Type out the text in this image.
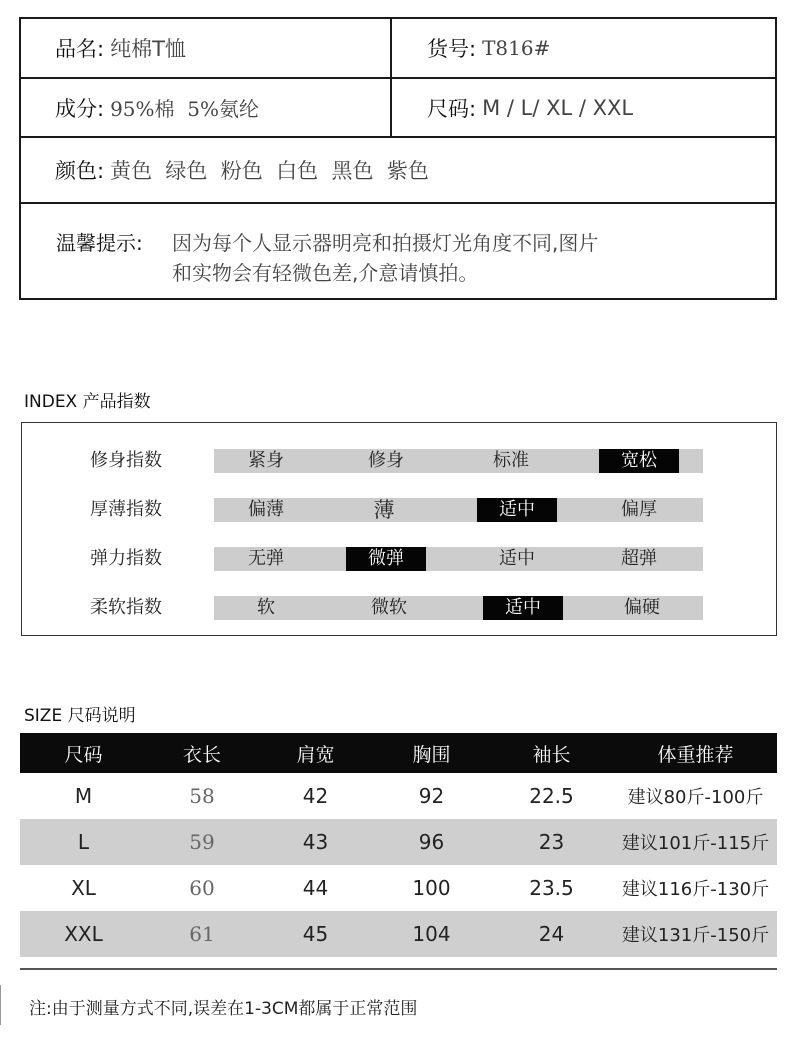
品名: 纯棉T恤	货号: T816#
成分: 95%棉  5%氨纶	尺码: M / L/ XL / XXL
颜色: 黄色  绿色  粉色  白色  黑色  紫色
温馨提示: 因为每个人显示器明亮和拍摄灯光角度不同,图片
和实物会有轻微色差,介意请慎拍。
INDEX 产品指数
修身指数	紧身	修身	标准	宽松
厚薄指数	偏薄	薄	适中	偏厚
弹力指数	无弹	微弹	适中	超弹
柔软指数	软	微软	适中	偏硬
SIZE 尺码说明
尺码	衣长	肩宽	胸围	袖长	体重推荐
M	58	42	92	22.5	建议80斤-100斤
L	59	43	96	23	建议101斤-115斤
XL	60	44	100	23.5	建议116斤-130斤
XXL	61	45	104	24	建议131斤-150斤
注:由于测量方式不同,误差在1-3CM都属于正常范围
